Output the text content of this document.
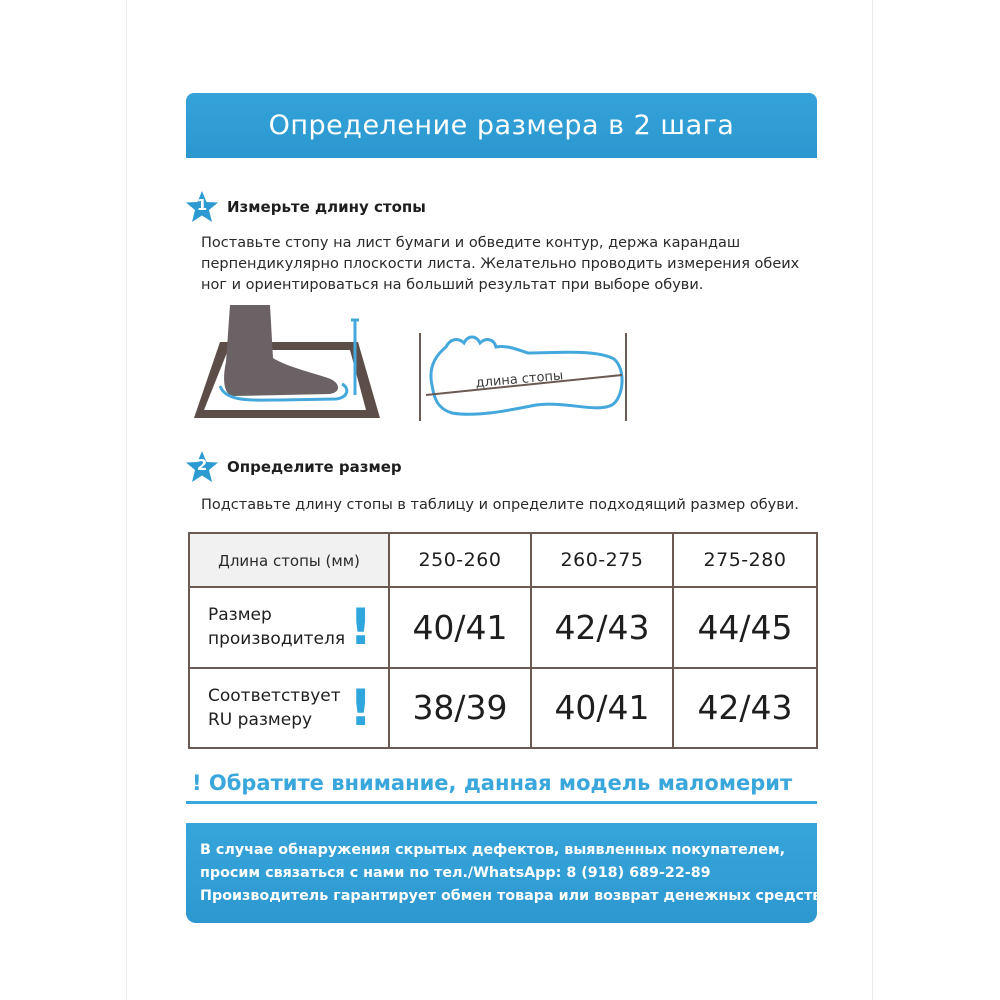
Определение размера в 2 шага
1	Измерьте длину стопы
Поставьте стопу на лист бумаги и обведите контур, держа карандаш
перпендикулярно плоскости листа. Желательно проводить измерения обеих
ног и ориентироваться на больший результат при выборе обуви.
длина стопы
2	Определите размер
Подставьте длину стопы в таблицу и определите подходящий размер обуви.
Длина стопы (мм)	250-260	260-275	275-280

Размер
производителя !	40/41	42/43	44/45

Соответствует
RU размеру !	38/39	40/41	42/43
! Обратите внимание, данная модель маломерит
В случае обнаружения скрытых дефектов, выявленных покупателем,
просим связаться с нами по тел./WhatsApp: 8 (918) 689-22-89
Производитель гарантирует обмен товара или возврат денежных средств!
